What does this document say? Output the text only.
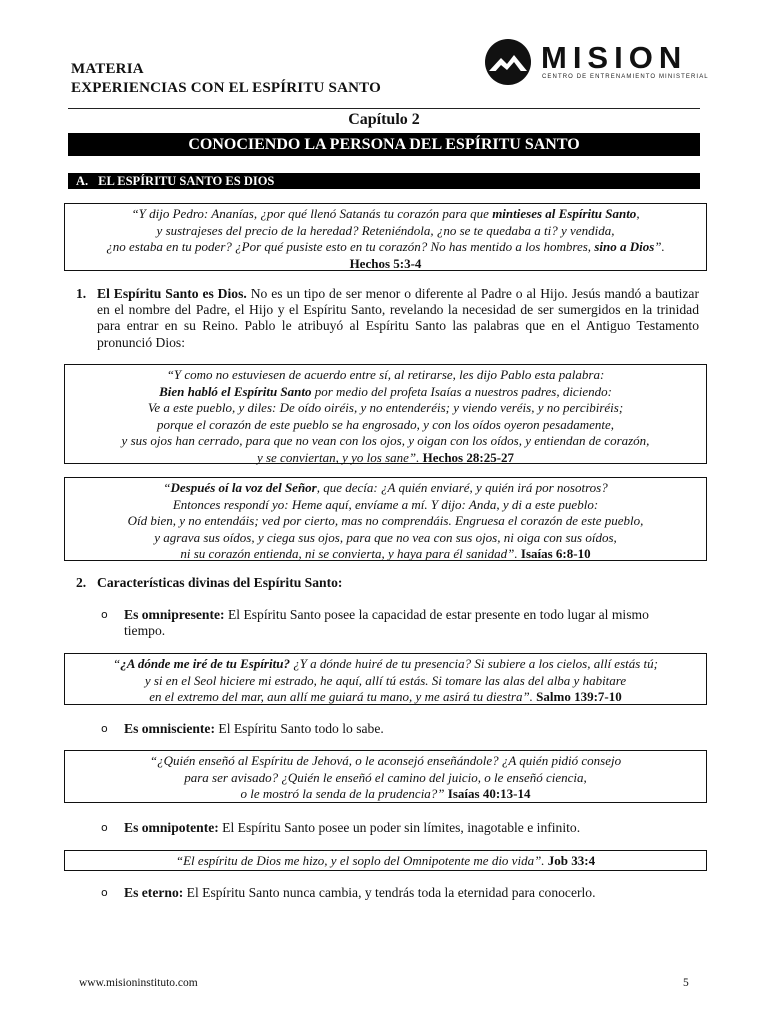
MATERIA
EXPERIENCIAS CON EL ESPÍRITU SANTO
MISION
CENTRO DE ENTRENAMIENTO MINISTERIAL
Capítulo 2
CONOCIENDO LA PERSONA DEL ESPÍRITU SANTO
A. EL ESPÍRITU SANTO ES DIOS
“Y dijo Pedro: Ananías, ¿por qué llenó Satanás tu corazón para que mintieses al Espíritu Santo,
y sustrajeses del precio de la heredad? Reteniéndola, ¿no se te quedaba a ti? y vendida,
¿no estaba en tu poder? ¿Por qué pusiste esto en tu corazón? No has mentido a los hombres, sino a Dios”.
Hechos 5:3-4
1. El Espíritu Santo es Dios. No es un tipo de ser menor o diferente al Padre o al Hijo. Jesús mandó a bautizar en el nombre del Padre, el Hijo y el Espíritu Santo, revelando la necesidad de ser sumergidos en la trinidad para entrar en su Reino. Pablo le atribuyó al Espíritu Santo las palabras que en el Antiguo Testamento pronunció Dios:
“Y como no estuviesen de acuerdo entre sí, al retirarse, les dijo Pablo esta palabra:
Bien habló el Espíritu Santo por medio del profeta Isaías a nuestros padres, diciendo:
Ve a este pueblo, y diles: De oído oiréis, y no entenderéis; y viendo veréis, y no percibiréis;
porque el corazón de este pueblo se ha engrosado, y con los oídos oyeron pesadamente,
y sus ojos han cerrado, para que no vean con los ojos, y oigan con los oídos, y entiendan de corazón,
y se conviertan, y yo los sane”. Hechos 28:25-27
“Después oí la voz del Señor, que decía: ¿A quién enviaré, y quién irá por nosotros?
Entonces respondí yo: Heme aquí, envíame a mí. Y dijo: Anda, y di a este pueblo:
Oíd bien, y no entendáis; ved por cierto, mas no comprendáis. Engruesa el corazón de este pueblo,
y agrava sus oídos, y ciega sus ojos, para que no vea con sus ojos, ni oiga con sus oídos,
ni su corazón entienda, ni se convierta, y haya para él sanidad”. Isaías 6:8-10
2. Características divinas del Espíritu Santo:
o Es omnipresente: El Espíritu Santo posee la capacidad de estar presente en todo lugar al mismo
tiempo.
“¿A dónde me iré de tu Espíritu? ¿Y a dónde huiré de tu presencia? Si subiere a los cielos, allí estás tú;
y si en el Seol hiciere mi estrado, he aquí, allí tú estás. Si tomare las alas del alba y habitare
en el extremo del mar, aun allí me guiará tu mano, y me asirá tu diestra”. Salmo 139:7-10
o Es omnisciente: El Espíritu Santo todo lo sabe.
“¿Quién enseñó al Espíritu de Jehová, o le aconsejó enseñándole? ¿A quién pidió consejo
para ser avisado? ¿Quién le enseñó el camino del juicio, o le enseñó ciencia,
o le mostró la senda de la prudencia?” Isaías 40:13-14
o Es omnipotente: El Espíritu Santo posee un poder sin límites, inagotable e infinito.
“El espíritu de Dios me hizo, y el soplo del Omnipotente me dio vida”. Job 33:4
o Es eterno: El Espíritu Santo nunca cambia, y tendrás toda la eternidad para conocerlo.
www.misioninstituto.com	5
